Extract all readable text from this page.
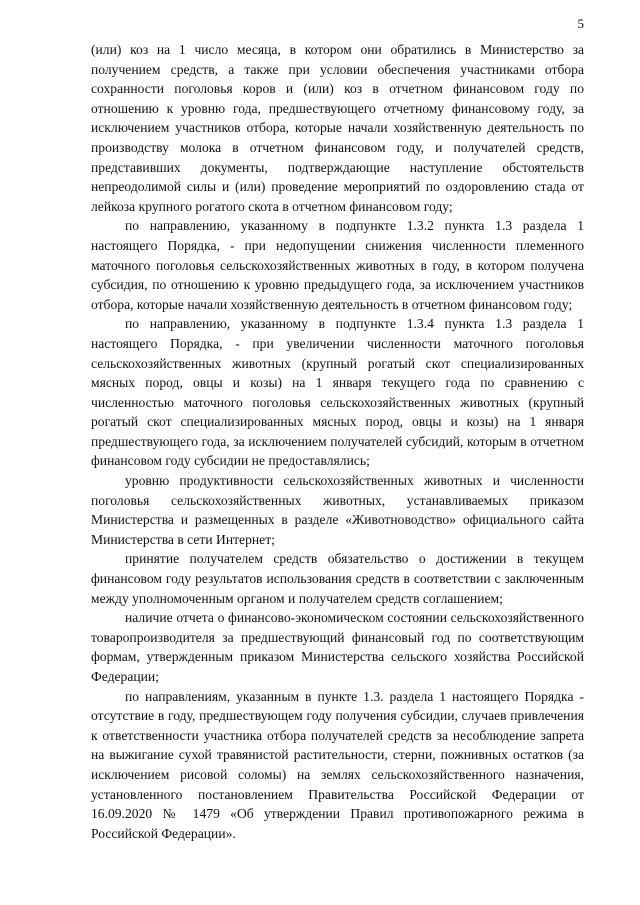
5

(или) коз на 1 число месяца, в котором они обратились в Министерство за получением средств, а также при условии обеспечения участниками отбора сохранности поголовья коров и (или) коз в отчетном финансовом году по отношению к уровню года, предшествующего отчетному финансовому году, за исключением участников отбора, которые начали хозяйственную деятельность по производству молока в отчетном финансовом году, и получателей средств, представивших документы, подтверждающие наступление обстоятельств непреодолимой силы и (или) проведение мероприятий по оздоровлению стада от лейкоза крупного рогатого скота в отчетном финансовом году;

по направлению, указанному в подпункте 1.3.2 пункта 1.3 раздела 1 настоящего Порядка, - при недопущении снижения численности племенного маточного поголовья сельскохозяйственных животных в году, в котором получена субсидия, по отношению к уровню предыдущего года, за исключением участников отбора, которые начали хозяйственную деятельность в отчетном финансовом году;

по направлению, указанному в подпункте 1.3.4 пункта 1.3 раздела 1 настоящего Порядка, - при увеличении численности маточного поголовья сельскохозяйственных животных (крупный рогатый скот специализированных мясных пород, овцы и козы) на 1 января текущего года по сравнению с численностью маточного поголовья сельскохозяйственных животных (крупный рогатый скот специализированных мясных пород, овцы и козы) на 1 января предшествующего года, за исключением получателей субсидий, которым в отчетном финансовом году субсидии не предоставлялись;

уровню продуктивности сельскохозяйственных животных и численности поголовья сельскохозяйственных животных, устанавливаемых приказом Министерства и размещенных в разделе «Животноводство» официального сайта Министерства в сети Интернет;

принятие получателем средств обязательство о достижении в текущем финансовом году результатов использования средств в соответствии с заключенным между уполномоченным органом и получателем средств соглашением;

наличие отчета о финансово-экономическом состоянии сельскохозяйственного товаропроизводителя за предшествующий финансовый год по соответствующим формам, утвержденным приказом Министерства сельского хозяйства Российской Федерации;

по направлениям, указанным в пункте 1.3. раздела 1 настоящего Порядка - отсутствие в году, предшествующем году получения субсидии, случаев привлечения к ответственности участника отбора получателей средств за несоблюдение запрета на выжигание сухой травянистой растительности, стерни, пожнивных остатков (за исключением рисовой соломы) на землях сельскохозяйственного назначения, установленного постановлением Правительства Российской Федерации от 16.09.2020 № 1479 «Об утверждении Правил противопожарного режима в Российской Федерации».
